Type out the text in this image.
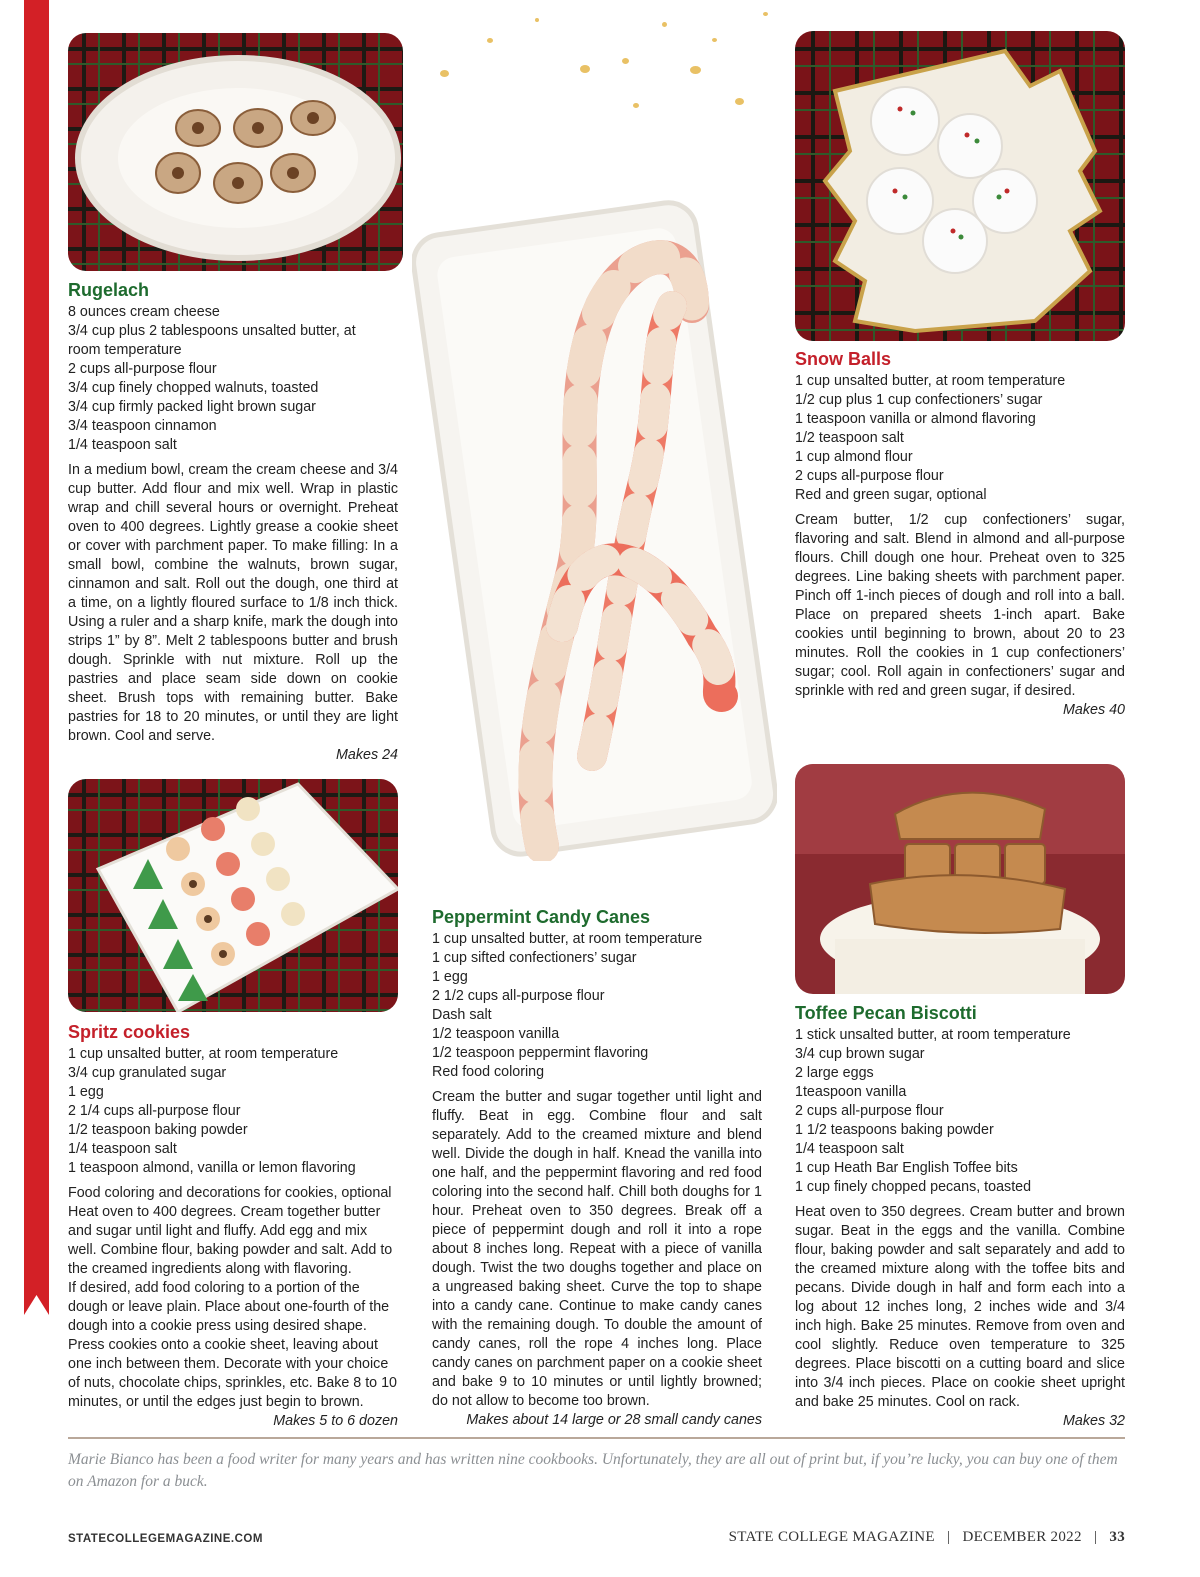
Rugelach
8 ounces cream cheese
3/4 cup plus 2 tablespoons unsalted butter, at
room temperature
2 cups all-purpose flour
3/4 cup finely chopped walnuts, toasted
3/4 cup firmly packed light brown sugar
3/4 teaspoon cinnamon
1/4 teaspoon salt

In a medium bowl, cream the cream cheese and 3/4 cup butter. Add flour and mix well. Wrap in plastic wrap and chill several hours or overnight. Preheat oven to 400 degrees. Lightly grease a cookie sheet or cover with parchment paper. To make filling: In a small bowl, combine the walnuts, brown sugar, cinnamon and salt. Roll out the dough, one third at a time, on a lightly floured surface to 1/8 inch thick. Using a ruler and a sharp knife, mark the dough into strips 1” by 8”. Melt 2 tablespoons butter and brush dough. Sprinkle with nut mixture. Roll up the pastries and place seam side down on cookie sheet. Brush tops with remaining butter. Bake pastries for 18 to 20 minutes, or until they are light brown. Cool and serve.

Makes 24
Snow Balls
1 cup unsalted butter, at room temperature
1/2 cup plus 1 cup confectioners’ sugar
1 teaspoon vanilla or almond flavoring
1/2 teaspoon salt
1 cup almond flour
2 cups all-purpose flour
Red and green sugar, optional

Cream butter, 1/2 cup confectioners’ sugar, flavoring and salt. Blend in almond and all-purpose flours. Chill dough one hour. Preheat oven to 325 degrees. Line baking sheets with parchment paper. Pinch off 1-inch pieces of dough and roll into a ball. Place on prepared sheets 1-inch apart. Bake cookies until beginning to brown, about 20 to 23 minutes. Roll the cookies in 1 cup confectioners’ sugar; cool. Roll again in confectioners’ sugar and sprinkle with red and green sugar, if desired.

Makes 40
Spritz cookies
1 cup unsalted butter, at room temperature
3/4 cup granulated sugar
1 egg
2 1/4 cups all-purpose flour
1/2 teaspoon baking powder
1/4 teaspoon salt
1 teaspoon almond, vanilla or lemon flavoring

Food coloring and decorations for cookies, optional

Heat oven to 400 degrees. Cream together butter and sugar until light and fluffy. Add egg and mix well. Combine flour, baking powder and salt. Add to the creamed ingredients along with flavoring.

If desired, add food coloring to a portion of the dough or leave plain. Place about one-fourth of the dough into a cookie press using desired shape. Press cookies onto a cookie sheet, leaving about one inch between them. Decorate with your choice of nuts, chocolate chips, sprinkles, etc. Bake 8 to 10 minutes, or until the edges just begin to brown.

Makes 5 to 6 dozen
Peppermint Candy Canes
1 cup unsalted butter, at room temperature
1 cup sifted confectioners’ sugar
1 egg
2 1/2 cups all-purpose flour
Dash salt
1/2 teaspoon vanilla
1/2 teaspoon peppermint flavoring
Red food coloring

Cream the butter and sugar together until light and fluffy. Beat in egg. Combine flour and salt separately. Add to the creamed mixture and blend well. Divide the dough in half. Knead the vanilla into one half, and the peppermint flavoring and red food coloring into the second half. Chill both doughs for 1 hour. Preheat oven to 350 degrees. Break off a piece of peppermint dough and roll it into a rope about 8 inches long. Repeat with a piece of vanilla dough. Twist the two doughs together and place on a ungreased baking sheet. Curve the top to shape into a candy cane. Continue to make candy canes with the remaining dough. To double the amount of candy canes, roll the rope 4 inches long. Place candy canes on parchment paper on a cookie sheet and bake 9 to 10 minutes or until lightly browned; do not allow to become too brown.

Makes about 14 large or 28 small candy canes
Toffee Pecan Biscotti
1 stick unsalted butter, at room temperature
3/4 cup brown sugar
2 large eggs
1teaspoon vanilla
2 cups all-purpose flour
1 1/2 teaspoons baking powder
1/4 teaspoon salt
1 cup Heath Bar English Toffee bits
1 cup finely chopped pecans, toasted

Heat oven to 350 degrees. Cream butter and brown sugar. Beat in the eggs and the vanilla. Combine flour, baking powder and salt separately and add to the creamed mixture along with the toffee bits and pecans. Divide dough in half and form each into a log about 12 inches long, 2 inches wide and 3/4 inch high. Bake 25 minutes. Remove from oven and cool slightly. Reduce oven temperature to 325 degrees. Place biscotti on a cutting board and slice into 3/4 inch pieces. Place on cookie sheet upright and bake 25 minutes. Cool on rack.

Makes 32
Marie Bianco has been a food writer for many years and has written nine cookbooks. Unfortunately, they are all out of print but, if you’re lucky, you can buy one of them on Amazon for a buck.
STATECOLLEGEMAGAZINE.COM	STATE COLLEGE MAGAZINE | DECEMBER 2022 | 33
